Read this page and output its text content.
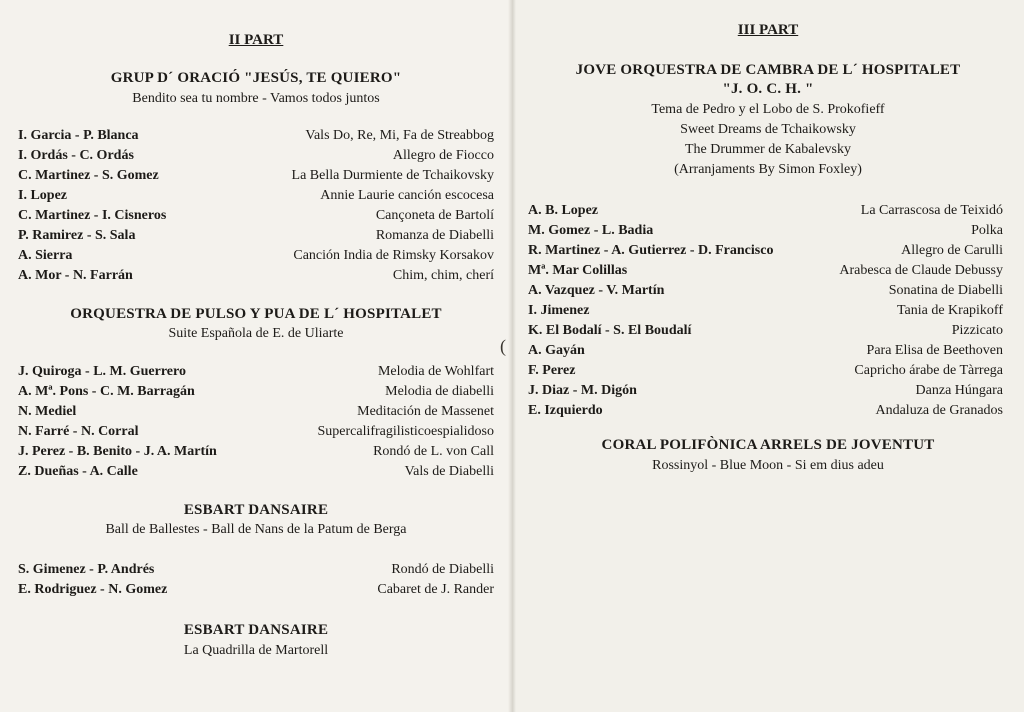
II PART
GRUP D´ ORACIÓ "JESÚS, TE QUIERO"
Bendito sea tu nombre - Vamos todos juntos
I. Garcia - P. Blanca	Vals Do, Re, Mi, Fa de Streabbog
I. Ordás - C. Ordás	Allegro de Fiocco
C. Martinez - S. Gomez	La Bella Durmiente de Tchaikovsky
I. Lopez	Annie Laurie canción escocesa
C. Martinez - I. Cisneros	Cançoneta de Bartolí
P. Ramirez - S. Sala	Romanza de Diabelli
A. Sierra	Canción India de Rimsky Korsakov
A. Mor - N. Farrán	Chim, chim, cherí
ORQUESTRA DE PULSO Y PUA DE L´ HOSPITALET
Suite Española de E. de Uliarte
J. Quiroga - L. M. Guerrero	Melodia de Wohlfart
A. Mª. Pons - C. M. Barragán	Melodia de diabelli
N. Mediel	Meditación de Massenet
N. Farré - N. Corral	Supercalifragilisticoespialidoso
J. Perez - B. Benito - J. A. Martín	Rondó de L. von Call
Z. Dueñas - A. Calle	Vals de Diabelli
ESBART DANSAIRE
Ball de Ballestes - Ball de Nans de la Patum de Berga
S. Gimenez - P. Andrés	Rondó de Diabelli
E. Rodriguez - N. Gomez	Cabaret de J. Rander
ESBART DANSAIRE
La Quadrilla de Martorell
III PART
JOVE ORQUESTRA DE CAMBRA DE L´ HOSPITALET
"J. O. C. H. "
Tema de Pedro y el Lobo de S. Prokofieff
Sweet Dreams de Tchaikowsky
The Drummer de Kabalevsky
(Arranjaments By Simon Foxley)
A. B. Lopez	La Carrascosa de Teixidó
M. Gomez - L. Badia	Polka
R. Martinez - A. Gutierrez - D. Francisco	Allegro de Carulli
Mª. Mar Colillas	Arabesca de Claude Debussy
A. Vazquez - V. Martín	Sonatina de Diabelli
I. Jimenez	Tania de Krapikoff
K. El Bodalí - S. El Boudalí	Pizzicato
A. Gayán	Para Elisa de Beethoven
F. Perez	Capricho árabe de Tàrrega
J. Diaz - M. Digón	Danza Húngara
E. Izquierdo	Andaluza de Granados
CORAL POLIFÒNICA ARRELS DE JOVENTUT
Rossinyol - Blue Moon - Si em dius adeu
(
